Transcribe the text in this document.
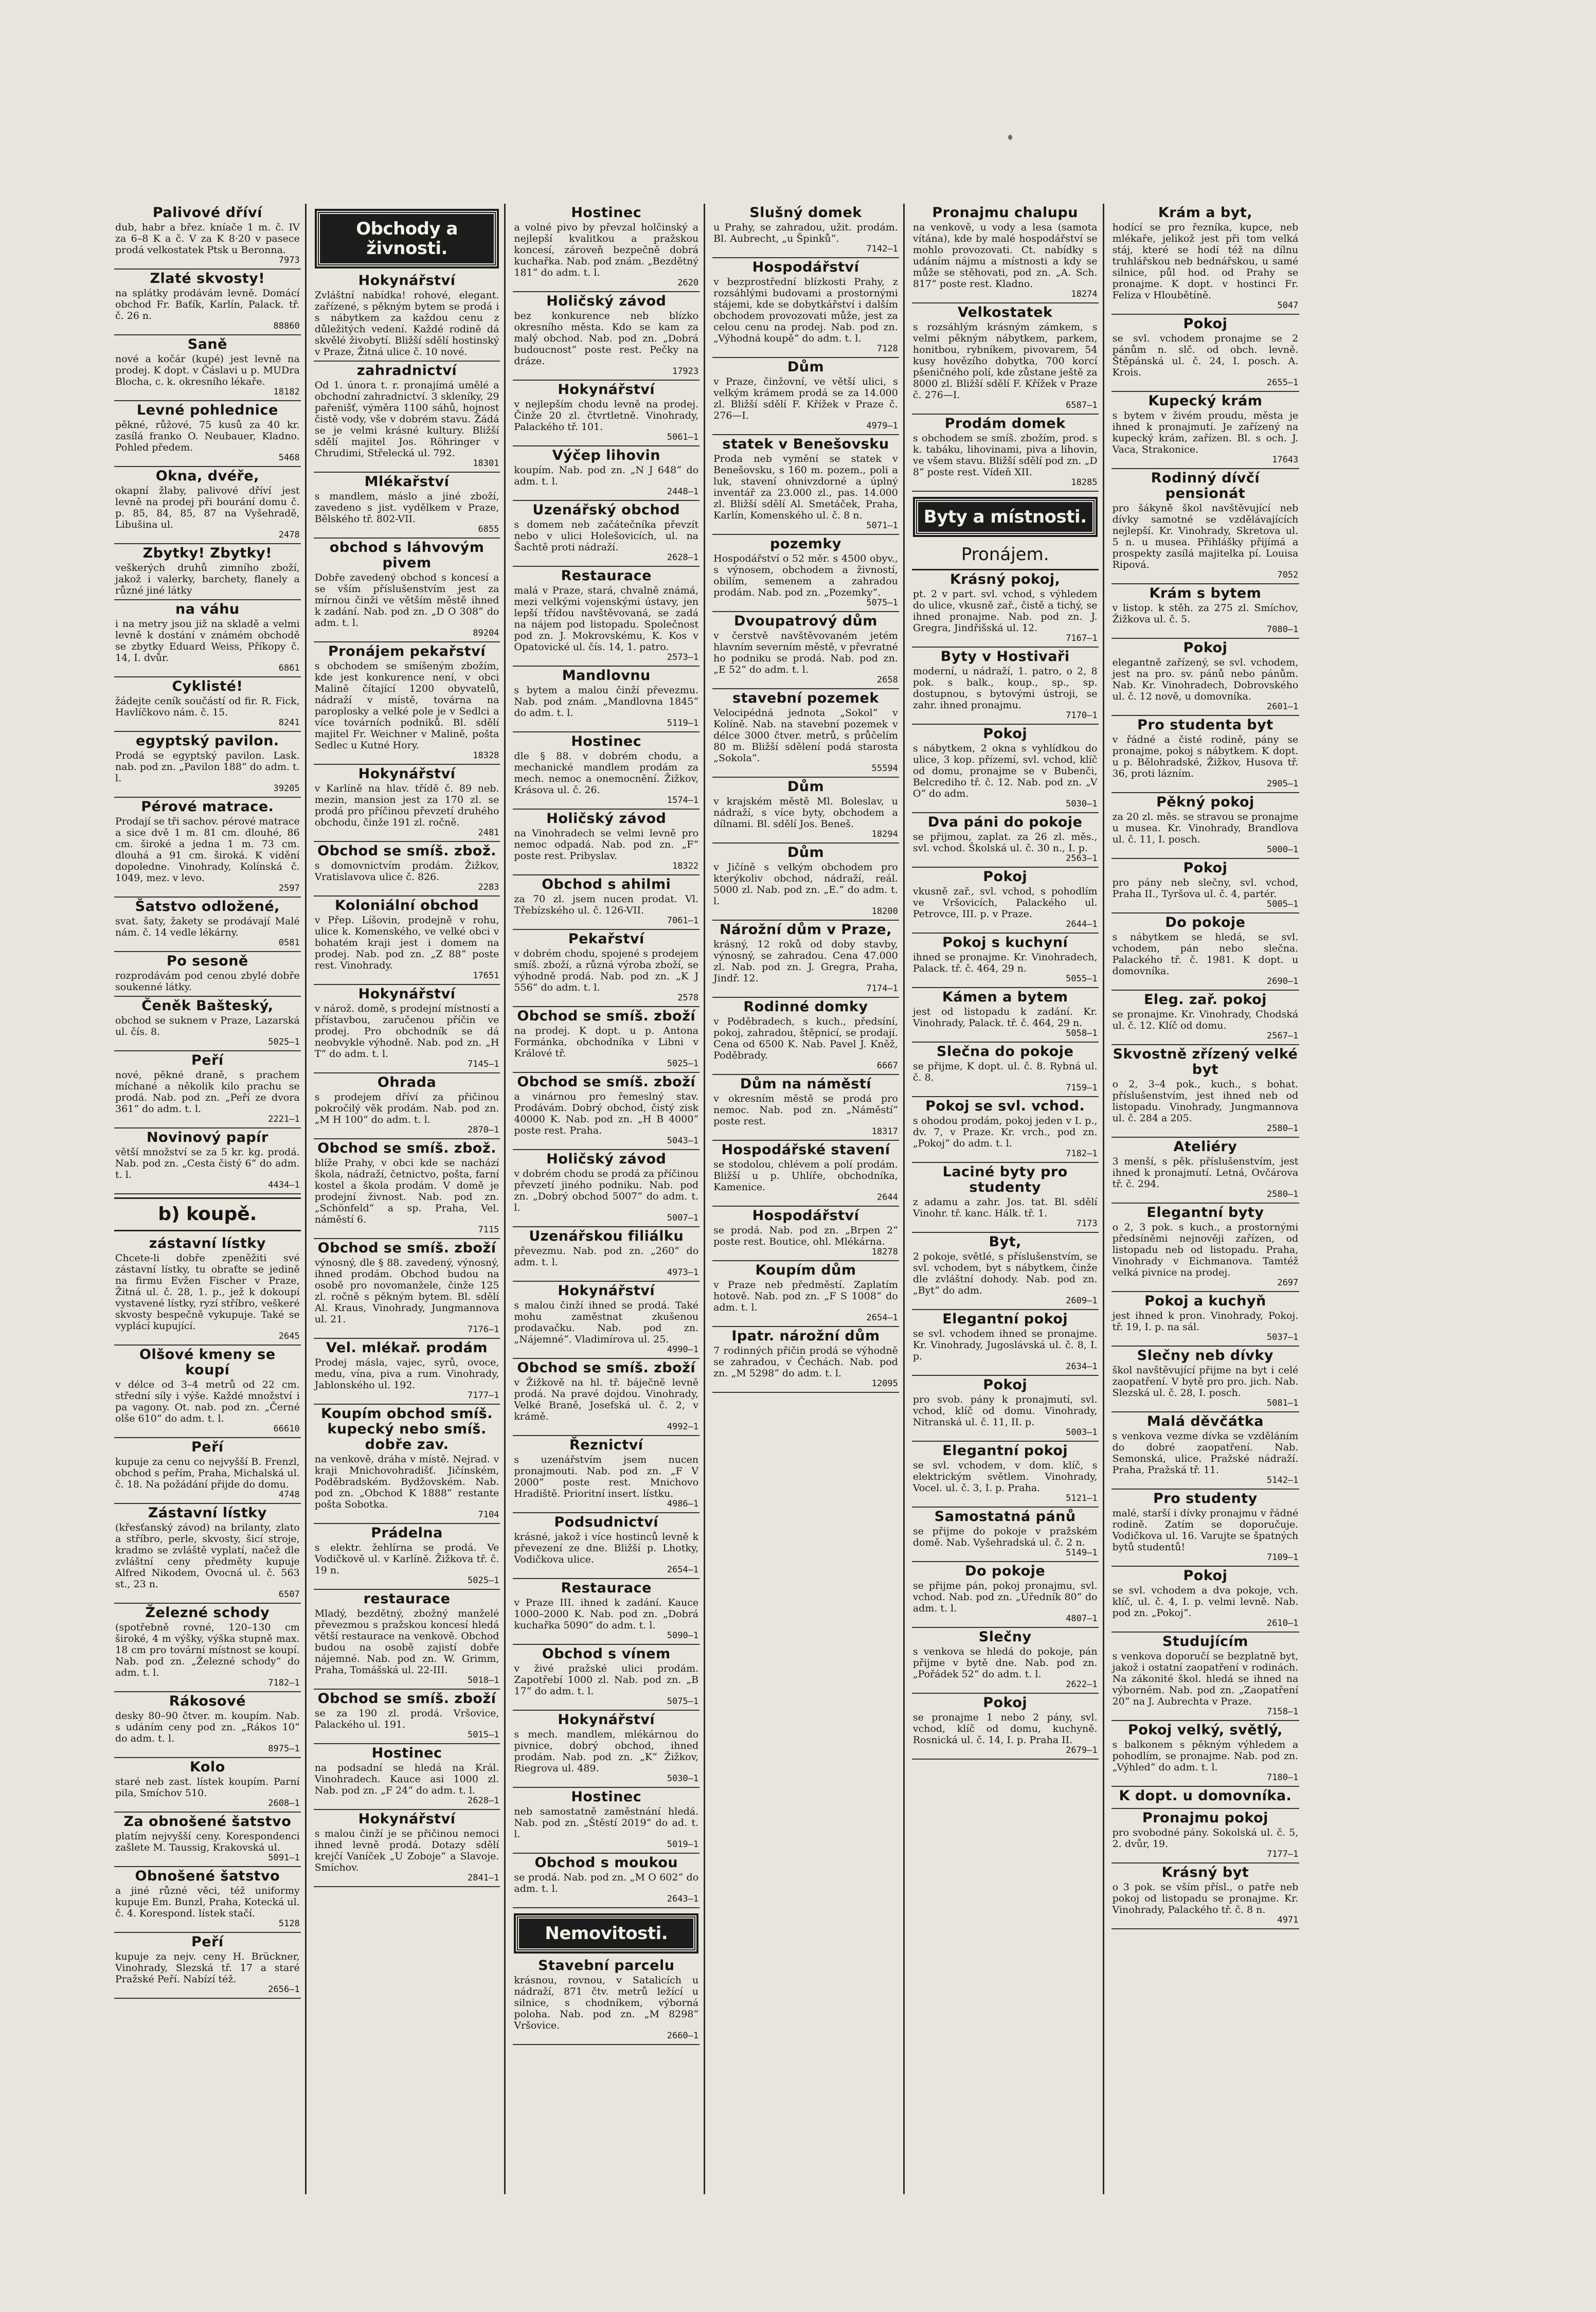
Palivové dříví

dub, habr a břez. kníače 1 m. č. IV za 6–8 K a č. V za K 8·20 v pasece prodá velkostatek Ptsk u Beronna.

7973
Zlaté skvosty!

na splátky prodávám levně. Domácí obchod Fr. Baťík, Karlín, Palack. tř. č. 26 n.

88860
Saně

nové a kočár (kupé) jest levně na prodej. K dopt. v Čáslavi u p. MUDra Blocha, c. k. okresního lékaře.

18182
Levné pohlednice

pěkné, růžové, 75 kusů za 40 kr. zasílá franko O. Neubauer, Kladno. Pohled předem.

5468
Okna, dvéře,

okapní žlaby, palivové dříví jest levně na prodej při bourání domu č. p. 85, 84, 85, 87 na Vyšehradě, Libušina ul.

2478
Zbytky! Zbytky!

veškerých druhů zimního zboží, jakož i valerky, barchety, flanely a různé jiné látky

na váhu

i na metry jsou již na skladě a velmi levně k dostání v známém obchodě se zbytky Eduard Weiss, Příkopy č. 14, I. dvůr.

6861
Cyklisté!

žádejte ceník součástí od fir. R. Fick, Havlíčkovo nám. č. 15.

8241
egyptský pavilon.

Prodá se egyptský pavilon. Lask. nab. pod zn. „Pavilon 188“ do adm. t. l.

39205
Pérové matrace.

Prodají se tři sachov. pérové matrace a sice dvě 1 m. 81 cm. dlouhé, 86 cm. široké a jedna 1 m. 73 cm. dlouhá a 91 cm. široká. K vidění dopoledne. Vinohrady, Kolínská č. 1049, mez. v levo.

2597
Šatstvo odložené,

svat. šaty, žakety se prodávají Malé nám. č. 14 vedle lékárny.

0581
Po sesoně

rozprodávám pod cenou zbylé dobře soukenné látky.

Čeněk Bašteský,

obchod se suknem v Praze, Lazarská ul. čís. 8.

5025—1
Peří

nové, pěkné draně, s prachem míchané a několik kilo prachu se prodá. Nab. pod zn. „Peří ze dvora 361“ do adm. t. l.

2221—1
Novinový papír

větší množství se za 5 kr. kg. prodá. Nab. pod zn. „Cesta čistý 6“ do adm. t. l.

4434—1
b) koupě.
zástavní lístky

Chcete-li dobře zpeněžiti své zástavní lístky, tu obraťte se jedině na firmu Evžen Fischer v Praze, Žitná ul. č. 28, 1. p., jež k dokoupí vystavené lístky, ryzí stříbro, veškeré skvosty bespečně vykupuje. Také se vyplácí kupující.

2645
Olšové kmeny se koupí

v délce od 3–4 metrů od 22 cm. střední síly i výše. Každé množství i pa vagony. Ot. nab. pod zn. „Černé olše 610“ do adm. t. l.

66610
Peří

kupuje za cenu co nejvyšší B. Frenzl, obchod s peřím, Praha, Michalská ul. č. 18. Na požádání přijde do domu.

4748
Zástavní lístky

(křesťanský závod) na brilanty, zlato a stříbro, perle, skvosty, šicí stroje, kradmo se zvláště vyplatí, načež dle zvláštní ceny předměty kupuje Alfred Nikodem, Ovocná ul. č. 563 st., 23 n.

6507
Železné schody

(spotřebně rovné, 120–130 cm široké, 4 m výšky, výška stupně max. 18 cm pro tovární místnost se koupí. Nab. pod zn. „Železné schody“ do adm. t. l.

7182—1
Rákosové

desky 80–90 čtver. m. koupím. Nab. s udáním ceny pod zn. „Rákos 10“ do adm. t. l.

8975—1
Kolo

staré neb zast. lístek koupím. Parní pila, Smíchov 510.

2608—1
Za obnošené šatstvo

platím nejvyšší ceny. Korespondenci zašlete M. Taussig, Krakovská ul.

5091—1
Obnošené šatstvo

a jiné různé věci, též uniformy kupuje Em. Bunzl, Praha, Kotecká ul. č. 4. Korespond. lístek stačí.

5128
Peří

kupuje za nejv. ceny H. Brückner, Vinohrady, Slezská tř. 17 a staré Pražské Peří. Nabízí též.

2656—1
Obchody a živnosti.
Hokynářství

Zvláštní nabídka! rohové, elegant. zařízené, s pěkným bytem se prodá i s nábytkem za každou cenu z důležitých vedení. Každé rodině dá skvělé živobytí. Bližší sdělí hostinský v Praze, Žitná ulice č. 10 nové.

zahradnictví

Od 1. února t. r. pronajímá umělé a obchodní zahradnictví. 3 skleníky, 29 pařenišť, výměra 1100 sáhů, hojnost čistě vody, vše v dobrém stavu. Žádá se je velmi krásné kultury. Bližší sdělí majitel Jos. Röhringer v Chrudimi, Střelecká ul. 792.

18301
Mlékařství

s mandlem, máslo a jiné zboží, zavedeno s jist. vydělkem v Praze, Bělského tř. 802-VII.

6855
obchod s láhvovým pivem

Dobře zavedený obchod s koncesí a se vším příslušenstvím jest za mírnou činži ve větším městě ihned k zadání. Nab. pod zn. „D O 308“ do adm. t. l.

89204
Pronájem pekařství

s obchodem se smíšeným zbožím, kde jest konkurence není, v obci Malině čítající 1200 obyvatelů, nádraží v místě, továrna na paroplosky a velké pole je v Sedlci a více továrních podniků. Bl. sdělí majitel Fr. Weichner v Malině, pošta Sedlec u Kutné Hory.

18328
Hokynářství

v Karlíně na hlav. třídě č. 89 neb. mezin, mansion jest za 170 zl. se prodá pro příčinou převzetí druhého obchodu, činže 191 zl. ročně.

2481
Obchod se smíš. zbož.

s domovnictvím prodám. Žižkov, Vratislavova ulice č. 826.

2283
Koloniální obchod

v Přep. Líšovin, prodejně v rohu, ulice k. Komenského, ve velké obci v bohatém kraji jest i domem na prodej. Nab. pod zn. „Z 88“ poste rest. Vinohrady.

17651
Hokynářství

v nárož. domě, s prodejní místností a přístavbou, zaručenou příčin ve prodej. Pro obchodník se dá neobvykle výhodně. Nab. pod zn. „H T“ do adm. t. l.

7145—1
Ohrada

s prodejem dříví za přičinou pokročilý věk prodám. Nab. pod zn. „M H 100“ do adm. t. l.

2870—1
Obchod se smíš. zbož.

blíže Prahy, v obci kde se nachází škola, nádraží, četnictvo, pošta, farní kostel a škola prodám. V domě je prodejní živnost. Nab. pod zn. „Schönfeld“ a sp. Praha, Vel. náměstí 6.

7115
Obchod se smíš. zboží

výnosný, dle § 88. zavedený, výnosný, ihned prodám. Obchod budou na osobě pro novomanžele, činže 125 zl. ročně s pěkným bytem. Bl. sdělí Al. Kraus, Vinohrady, Jungmannova ul. 21.

7176—1
Vel. mlékař. prodám

Prodej másla, vajec, syrů, ovoce, medu, vína, piva a rum. Vinohrady, Jablonského ul. 192.

7177—1
Koupím obchod smíš. kupecký nebo smíš. dobře zav.

na venkově, dráha v místě. Nejrad. v kraji Mnichovohradišť. Jičínském, Poděbradském. Bydžovském. Nab. pod zn. „Obchod K 1888“ restante pošta Sobotka.

7104
Prádelna

s elektr. žehlírna se prodá. Ve Vodičkově ul. v Karlíně. Žižkova tř. č. 19 n.

5025—1
restaurace

Mladý, bezdětný, zbožný manželé převezmou s pražskou koncesí hledá větší restaurace na venkově. Obchod budou na osobě zajistí dobře nájemné. Nab. pod zn. W. Grimm, Praha, Tomášská ul. 22-III.

5018—1
Obchod se smíš. zboží

se za 190 zl. prodá. Vršovice, Palackého ul. 191.

5015—1
Hostinec

na podsadní se hledá na Král. Vinohradech. Kauce asi 1000 zl. Nab. pod zn. „F 24“ do adm. t. l.

2628—1
Hokynářství

s malou činží je se přičinou nemoci ihned levně prodá. Dotazy sdělí krejčí Vaníček „U Zoboje“ a Slavoje. Smíchov.

2841—1
Hostinec

a volné pivo by převzal holčinský a nejlepší kvalitkou a pražskou koncesí, zároveň bezpečně dobrá kuchařka. Nab. pod znám. „Bezdětný 181“ do adm. t. l.

2620
Holičský závod

bez konkurence neb blízko okresního města. Kdo se kam za malý obchod. Nab. pod zn. „Dobrá budoucnost“ poste rest. Pečky na dráze.

17923
Hokynářství

v nejlepším chodu levně na prodej. Činže 20 zl. čtvrtletně. Vinohrady, Palackého tř. 101.

5061—1
Výčep lihovin

koupím. Nab. pod zn. „N J 648“ do adm. t. l.

2448—1
Uzenářský obchod

s domem neb začátečníka převzít nebo v ulici Holešovicích, ul. na Šachtě proti nádraží.

2628—1
Restaurace

malá v Praze, stará, chvalně známá, mezi velkými vojenskými ústavy, jen lepší třídou navštěvovaná, se zadá na nájem pod listopadu. Společnost pod zn. J. Mokrovskému, K. Kos v Opatovické ul. čís. 14, 1. patro.

2573—1
Mandlovnu

s bytem a malou činží převezmu. Nab. pod znám. „Mandlovna 1845“ do adm. t. l.

5119—1
Hostinec

dle § 88. v dobrém chodu, a mechanické mandlem prodám za mech. nemoc a onemocnění. Žižkov, Krásova ul. č. 26.

1574—1
Holičský závod

na Vinohradech se velmi levně pro nemoc odpadá. Nab. pod zn. „F“ poste rest. Pribyslav.

18322
Obchod s ahilmi

za 70 zl. jsem nucen prodat. Vl. Třebízského ul. č. 126-VII.

7061—1
Pekařství

v dobrém chodu, spojené s prodejem smíš. zboží, a různá výroba zboží, se výhodně prodá. Nab. pod zn. „K J 556“ do adm. t. l.

2578
Obchod se smíš. zboží

na prodej. K dopt. u p. Antona Formánka, obchodníka v Libni v Králové tř.

5025—1
Obchod se smíš. zboží

a vinárnou pro řemeslný stav. Prodávám. Dobrý obchod, čistý zisk 40000 K. Nab. pod zn. „H B 4000“ poste rest. Praha.

5043—1
Holičský závod

v dobrém chodu se prodá za příčinou převzetí jiného podniku. Nab. pod zn. „Dobrý obchod 5007“ do adm. t. l.

5007—1
Uzenářskou filiálku

převezmu. Nab. pod zn. „260“ do adm. t. l.

4973—1
Hokynářství

s malou činží ihned se prodá. Také mohu zaměstnat zkušenou prodavačku. Nab. pod zn. „Nájemné“. Vladimírova ul. 25.

4990—1
Obchod se smíš. zboží

v Žižkově na hl. tř. báječně levně prodá. Na pravé dojdou. Vinohrady, Velké Braně, Josefská ul. č. 2, v krámě.

4992—1
Řeznictví

s uzenářstvím jsem nucen pronajmouti. Nab. pod zn. „F V 2000“ poste rest. Mnichovo Hradiště. Prioritní insert. lístku.

4986—1
Podsudnictví

krásné, jakož i více hostinců levně k převezení ze dne. Bližší p. Lhotky, Vodičkova ulice.

2654—1
Restaurace

v Praze III. ihned k zadání. Kauce 1000–2000 K. Nab. pod zn. „Dobrá kuchařka 5090“ do adm. t. l.

5090—1
Obchod s vínem

v živé pražské ulici prodám. Zapotřebí 1000 zl. Nab. pod zn. „B 17“ do adm. t. l.

5075—1
Hokynářství

s mech. mandlem, mlékárnou do pivnice, dobrý obchod, ihned prodám. Nab. pod zn. „K“ Žižkov, Riegrova ul. 489.

5030—1
Hostinec

neb samostatně zaměstnání hledá. Nab. pod zn. „Štěstí 2019“ do ad. t. l.

5019—1
Obchod s moukou

se prodá. Nab. pod zn. „M O 602“ do adm. t. l.

2643—1
Nemovitosti.
Stavební parcelu

krásnou, rovnou, v Satalicích u nádraží, 871 čtv. metrů ležící u silnice, s chodníkem, výborná poloha. Nab. pod zn. „M 8298“ Vršovice.

2660—1
Slušný domek

u Prahy, se zahradou, užit. prodám. Bl. Aubrecht, „u Špinků“.

7142—1
Hospodářství

v bezprostřední blízkosti Prahy, z rozsáhlými budovami a prostornými stájemi, kde se dobytkářství i dalším obchodem provozovati může, jest za celou cenu na prodej. Nab. pod zn. „Výhodná koupě“ do adm. t. l.

7128
Dům

v Praze, činžovní, ve větší ulici, s velkým krámem prodá se za 14.000 zl. Bližší sdělí F. Křížek v Praze č. 276—I.

4979—1
statek v Benešovsku

Proda neb vymění se statek v Benešovsku, s 160 m. pozem., poli a luk, stavení ohnivzdorné a úplný inventář za 23.000 zl., pas. 14.000 zl. Bližší sdělí Al. Smetáček, Praha, Karlín, Komenského ul. č. 8 n.

5071—1
pozemky

Hospodářství o 52 měr. s 4500 obyv., s výnosem, obchodem a živností, obilím, semenem a zahradou prodám. Nab. pod zn. „Pozemky“.

5075—1
Dvoupatrový dům

v čerstvě navštěvovaném jetém hlavním severním městě, v převratné ho podniku se prodá. Nab. pod zn. „E 52“ do adm. t. l.

2658
stavební pozemek

Velocipédná jednota „Sokol“ v Kolíně. Nab. na stavební pozemek v délce 3000 čtver. metrů, s průčelím 80 m. Bližší sdělení podá starosta „Sokola“.

55594
Dům

v krajském městě Ml. Boleslav, u nádraží, s více byty, obchodem a dílnami. Bl. sdělí Jos. Beneš.

18294
Dům

v Jičíně s velkým obchodem pro kterýkoliv obchod, nádraží, reál. 5000 zl. Nab. pod zn. „E.“ do adm. t. l.

18200
Nárožní dům v Praze,

krásný, 12 roků od doby stavby, výnosný, se zahradou. Cena 47.000 zl. Nab. pod zn. J. Gregra, Praha, Jindř. 12.

7174—1
Rodinné domky

v Poděbradech, s kuch., předsíní, pokoj, zahradou, štěpnicí, se prodají. Cena od 6500 K. Nab. Pavel J. Kněž, Poděbrady.

6667
Dům na náměstí

v okresním městě se prodá pro nemoc. Nab. pod zn. „Náměstí“ poste rest.

18317
Hospodářské stavení

se stodolou, chlévem a polí prodám. Bližší u p. Uhlíře, obchodníka, Kamenice.

2644
Hospodářství

se prodá. Nab. pod zn. „Brpen 2“ poste rest. Boutice, ohl. Mlékárna.

18278
Koupím dům

v Praze neb předměstí. Zaplatím hotově. Nab. pod zn. „F S 1008“ do adm. t. l.

2654—1
Ipatr. nárožní dům

7 rodinných přičin prodá se výhodně se zahradou, v Čechách. Nab. pod zn. „M 5298“ do adm. t. l.

12095
Pronajmu chalupu

na venkově, u vody a lesa (samota vítána), kde by malé hospodářství se mohlo provozovati. Ct. nabídky s udáním nájmu a místnosti a kdy se může se stěhovati, pod zn. „A. Sch. 817“ poste rest. Kladno.

18274
Velkostatek

s rozsáhlým krásným zámkem, s velmi pěkným nábytkem, parkem, honitbou, rybníkem, pivovarem, 54 kusy hovězího dobytka, 700 korcí pšeničného polí, kde zůstane ještě za 8000 zl. Bližší sdělí F. Křížek v Praze č. 276—I.

6587—1
Prodám domek

s obchodem se smíš. zbožím, prod. s k. tabáku, lihovinami, piva a lihovin, ve všem stavu. Bližší sdělí pod zn. „D 8“ poste rest. Vídeň XII.

18285
Byty a místnosti.
Pronájem.
Krásný pokoj,

pt. 2 v part. svl. vchod, s výhledem do ulice, vkusně zař., čistě a tichý, se ihned pronajme. Nab. pod zn. J. Gregra, Jindřišská ul. 12.

7167—1
Byty v Hostivaři

moderní, u nádraží, 1. patro, o 2, 8 pok. s balk., koup., sp., sp. dostupnou, s bytovými ústroji, se zahr. ihned pronajmu.

7170—1
Pokoj

s nábytkem, 2 okna s vyhlídkou do ulice, 3 kop. přízemí, svl. vchod, klíč od domu, pronajme se v Bubenči, Belcrediho tř. č. 12. Nab. pod zn. „V O“ do adm.

5030—1
Dva páni do pokoje

se přijmou, zaplat. za 26 zl. měs., svl. vchod. Školská ul. č. 30 n., I. p.

2563—1
Pokoj

vkusně zař., svl. vchod, s pohodlím ve Vršovicích, Palackého ul. Petrovce, III. p. v Praze.

2644—1
Pokoj s kuchyní

ihned se pronajme. Kr. Vinohradech, Palack. tř. č. 464, 29 n.

5055—1
Kámen a bytem

jest od listopadu k zadání. Kr. Vinohrady, Palack. tř. č. 464, 29 n.

5058—1
Slečna do pokoje

se přijme, K dopt. ul. č. 8. Rybná ul. č. 8.

7159—1
Pokoj se svl. vchod.

s ohodou prodám, pokoj jeden v I. p., dv. 7, v Praze. Kr. vrch., pod zn. „Pokoj“ do adm. t. l.

7182—1
Laciné byty pro studenty

z adamu a zahr. Jos. tat. Bl. sdělí Vinohr. tř. kanc. Hálk. tř. 1.

7173
Byt,

2 pokoje, světlé, s příslušenstvím, se svl. vchodem, byt s nábytkem, činže dle zvláštní dohody. Nab. pod zn. „Byt“ do adm.

2609—1
Elegantní pokoj

se svl. vchodem ihned se pronajme. Kr. Vinohrady, Jugoslávská ul. č. 8, I. p.

2634—1
Pokoj

pro svob. pány k pronajmutí, svl. vchod, klíč od domu. Vinohrady, Nitranská ul. č. 11, II. p.

5003—1
Elegantní pokoj

se svl. vchodem, v dom. klíč, s elektrickým světlem. Vinohrady, Vocel. ul. č. 3, I. p. Praha.

5121—1
Samostatná pánů

se přijme do pokoje v pražském domě. Nab. Vyšehradská ul. č. 2 n.

5149—1
Do pokoje

se přijme pán, pokoj pronajmu, svl. vchod. Nab. pod zn. „Úředník 80“ do adm. t. l.

4807—1
Slečny

s venkova se hledá do pokoje, pán přijme v bytě dne. Nab. pod zn. „Pořádek 52“ do adm. t. l.

2622—1
Pokoj

se pronajme 1 nebo 2 pány, svl. vchod, klíč od domu, kuchyně. Rosnická ul. č. 14, I. p. Praha II.

2679—1
Krám a byt,

hodící se pro řezníka, kupce, neb mlékaře, jelikož jest při tom velká stáj, které se hodí též na dílnu truhlářskou neb bednářskou, u samé silnice, půl hod. od Prahy se pronajme. K dopt. v hostinci Fr. Feliza v Hloubětíně.

5047
Pokoj

se svl. vchodem pronajme se 2 pánům n. slč. od obch. levně. Štěpánská ul. č. 24, I. posch. A. Krois.

2655—1
Kupecký krám

s bytem v živém proudu, města je ihned k pronajmutí. Je zařízený na kupecký krám, zařízen. Bl. s och. J. Vaca, Strakonice.

17643
Rodinný dívčí pensionát

pro šákyně škol navštěvující neb dívky samotné se vzdělávajících nejlepší. Kr. Vinohrady, Skretova ul. 5 n. u musea. Přihlášky přijímá a prospekty zasílá majitelka pí. Louisa Ripová.

7052
Krám s bytem

v listop. k stěh. za 275 zl. Smíchov, Žižkova ul. č. 5.

7080—1
Pokoj

elegantně zařízený, se svl. vchodem, jest na pro. sv. pánů nebo pánům. Nab. Kr. Vinohradech, Dobrovského ul. č. 12 nově, u domovníka.

2601—1
Pro studenta byt

v řádné a čisté rodině, pány se pronajme, pokoj s nábytkem. K dopt. u p. Bělohradské, Žižkov, Husova tř. 36, proti lázním.

2905—1
Pěkný pokoj

za 20 zl. měs. se stravou se pronajme u musea. Kr. Vinohrady, Brandlova ul. č. 11, I. posch.

5000—1
Pokoj

pro pány neb slečny, svl. vchod, Praha II., Tyršova ul. č. 4, partér.

5005—1
Do pokoje

s nábytkem se hledá, se svl. vchodem, pán nebo slečna. Palackého tř. č. 1981. K dopt. u domovníka.

2690—1
Eleg. zař. pokoj

se pronajme. Kr. Vinohrady, Chodská ul. č. 12. Klíč od domu.

2567—1
Skvostně zřízený velké byt

o 2, 3–4 pok., kuch., s bohat. příslušenstvím, jest ihned neb od listopadu. Vinohrady, Jungmannova ul. č. 284 a 205.

2580—1
Ateliéry

3 menší, s pěk. příslušenstvím, jest ihned k pronajmutí. Letná, Ovčárova tř. č. 294.

2580—1
Elegantní byty

o 2, 3 pok. s kuch., a prostornými předsíněmi nejnověji zařízen, od listopadu neb od listopadu. Praha, Vinohrady v Eichmanova. Tamtéž velká pivnice na prodej.

2697
Pokoj a kuchyň

jest ihned k pron. Vinohrady, Pokoj. tř. 19, I. p. na sál.

5037—1
Slečny neb dívky

škol navštěvující přijme na byt i celé zaopatření. V bytě pro pro. jich. Nab. Slezská ul. č. 28, I. posch.

5081—1
Malá děvčátka

s venkova vezme dívka se vzděláním do dobré zaopatření. Nab. Semonská, ulice. Pražské nádraží. Praha, Pražská tř. 11.

5142—1
Pro studenty

malé, starší i dívky pronajmu v řádné rodině. Zatím se doporučuje. Vodičkova ul. 16. Varujte se špatných bytů studentů!

7109—1
Pokoj

se svl. vchodem a dva pokoje, vch. klíč, ul. č. 4, I. p. velmi levně. Nab. pod zn. „Pokoj“.

2610—1
Studujícím

s venkova doporučí se bezplatně byt, jakož i ostatní zaopatření v rodinách. Na zákonité škol. hledá se ihned na výborném. Nab. pod zn. „Zaopatření 20“ na J. Aubrechta v Praze.

7158—1
Pokoj velký, světlý,

s balkonem s pěkným výhledem a pohodlím, se pronajme. Nab. pod zn. „Výhled“ do adm. t. l.

7180—1
K dopt. u domovníka.
Pronajmu pokoj

pro svobodné pány. Sokolská ul. č. 5, 2. dvůr, 19.

7177—1
Krásný byt

o 3 pok. se vším přísl., o patře neb pokoj od listopadu se pronajme. Kr. Vinohrady, Palackého tř. č. 8 n.

4971
